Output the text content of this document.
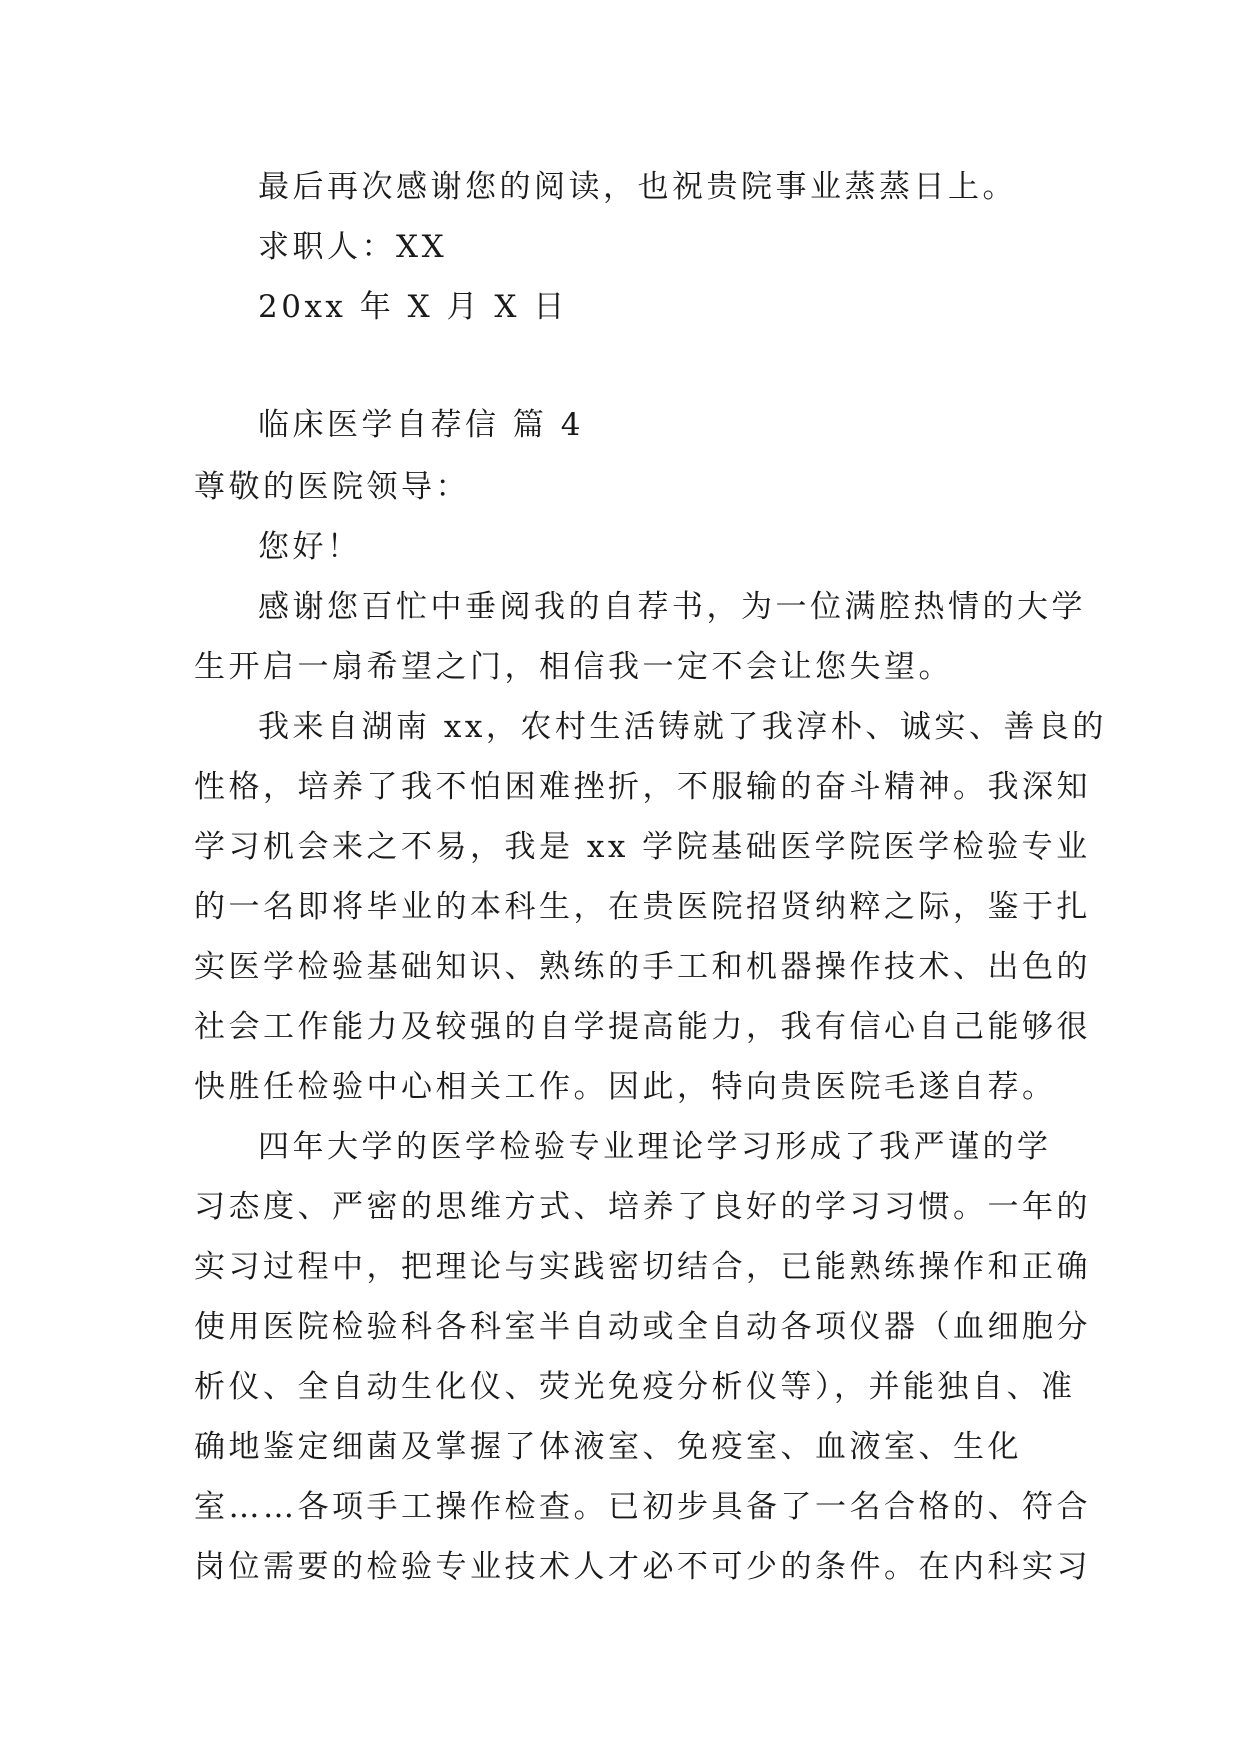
最后再次感谢您的阅读，也祝贵院事业蒸蒸日上。
求职人：XX
20xx 年 X 月 X 日
临床医学自荐信 篇 4
尊敬的医院领导：
您好！
感谢您百忙中垂阅我的自荐书，为一位满腔热情的大学
生开启一扇希望之门，相信我一定不会让您失望。
我来自湖南 xx，农村生活铸就了我淳朴、诚实、善良的
性格，培养了我不怕困难挫折，不服输的奋斗精神。我深知
学习机会来之不易，我是 xx 学院基础医学院医学检验专业
的一名即将毕业的本科生，在贵医院招贤纳粹之际，鉴于扎
实医学检验基础知识、熟练的手工和机器操作技术、出色的
社会工作能力及较强的自学提高能力，我有信心自己能够很
快胜任检验中心相关工作。因此，特向贵医院毛遂自荐。
四年大学的医学检验专业理论学习形成了我严谨的学
习态度、严密的思维方式、培养了良好的学习习惯。一年的
实习过程中，把理论与实践密切结合，已能熟练操作和正确
使用医院检验科各科室半自动或全自动各项仪器（血细胞分
析仪、全自动生化仪、荧光免疫分析仪等），并能独自、准
确地鉴定细菌及掌握了体液室、免疫室、血液室、生化
室……各项手工操作检查。已初步具备了一名合格的、符合
岗位需要的检验专业技术人才必不可少的条件。在内科实习
